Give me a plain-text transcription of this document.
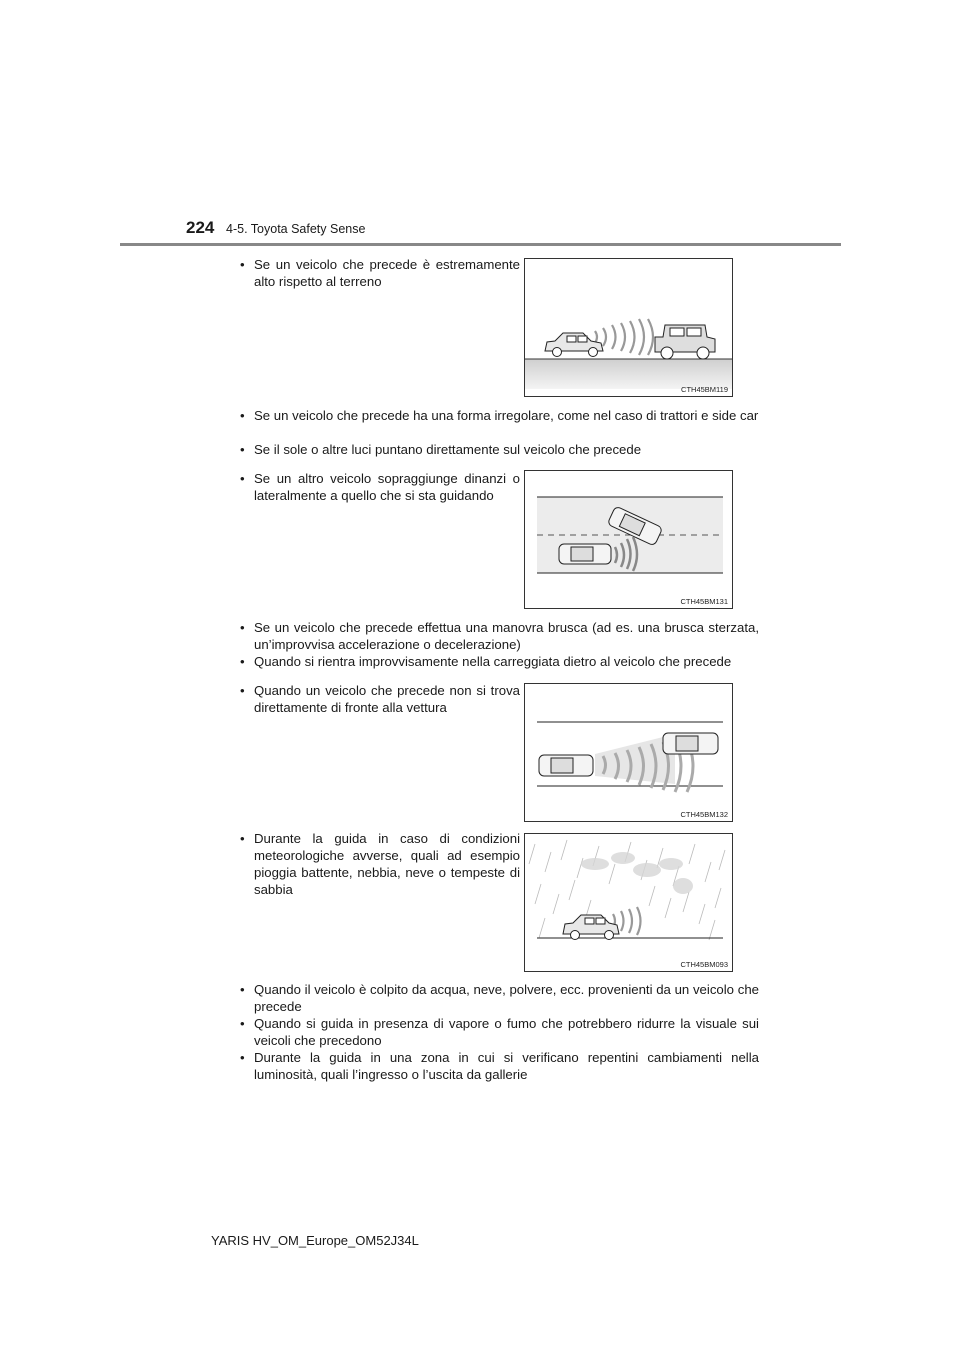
224 4-5. Toyota Safety Sense
• Se un veicolo che precede è estremamente alto rispetto al terreno
• Se un veicolo che precede ha una forma irregolare, come nel caso di trattori e side car
• Se il sole o altre luci puntano direttamente sul veicolo che precede
• Se un altro veicolo sopraggiunge dinanzi o lateralmente a quello che si sta guidando
• Se un veicolo che precede effettua una manovra brusca (ad es. una brusca sterzata, un’improvvisa accelerazione o decelerazione)
• Quando si rientra improvvisamente nella carreggiata dietro al veicolo che precede
• Quando un veicolo che precede non si trova direttamente di fronte alla vettura
• Durante la guida in caso di condizioni meteorologiche avverse, quali ad esempio pioggia battente, nebbia, neve o tempeste di sabbia
• Quando il veicolo è colpito da acqua, neve, polvere, ecc. provenienti da un veicolo che precede
• Quando si guida in presenza di vapore o fumo che potrebbero ridurre la visuale sui veicoli che precedono
• Durante la guida in una zona in cui si verificano repentini cambiamenti nella luminosità, quali l’ingresso o l’uscita da gallerie
CTH45BM119
CTH45BM131
CTH45BM132
CTH45BM093
YARIS HV_OM_Europe_OM52J34L
